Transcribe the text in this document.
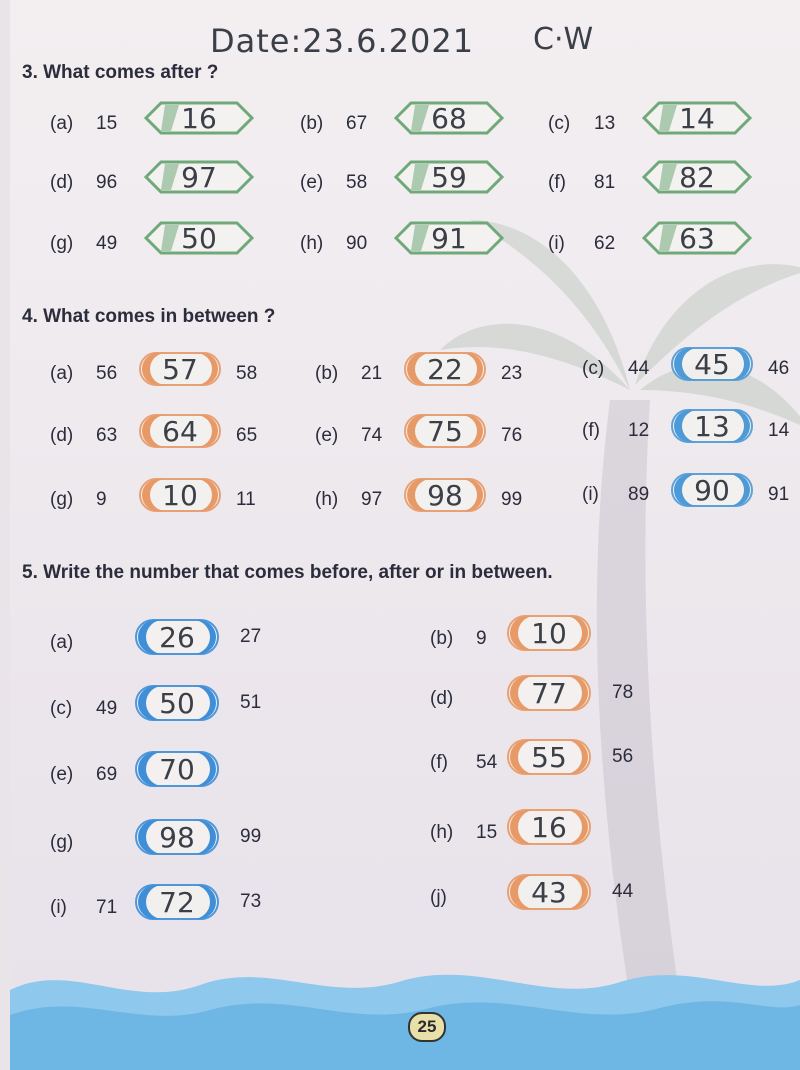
Date:23.6.2021 C·W
3. What comes after ?
(a) 15 16	(b) 67 68	(c) 13 14
(d) 96 97	(e) 58 59	(f) 81 82
(g) 49 50	(h) 90 91	(i) 62 63
4. What comes in between ?
(a) 56 57 58	(b) 21 22 23	(c) 44 45 46
(d) 63 64 65	(e) 74 75 76	(f) 12 13 14
(g) 9 10 11	(h) 97 98 99	(i) 89 90 91
5. Write the number that comes before, after or in between.
(a)	26 27	(b) 9 10
(c) 49 50 51	(d)	77 78
(e) 69 70	(f) 54 55 56
(g)	98 99	(h) 15 16
(i) 71 72 73	(j)	43 44
25
